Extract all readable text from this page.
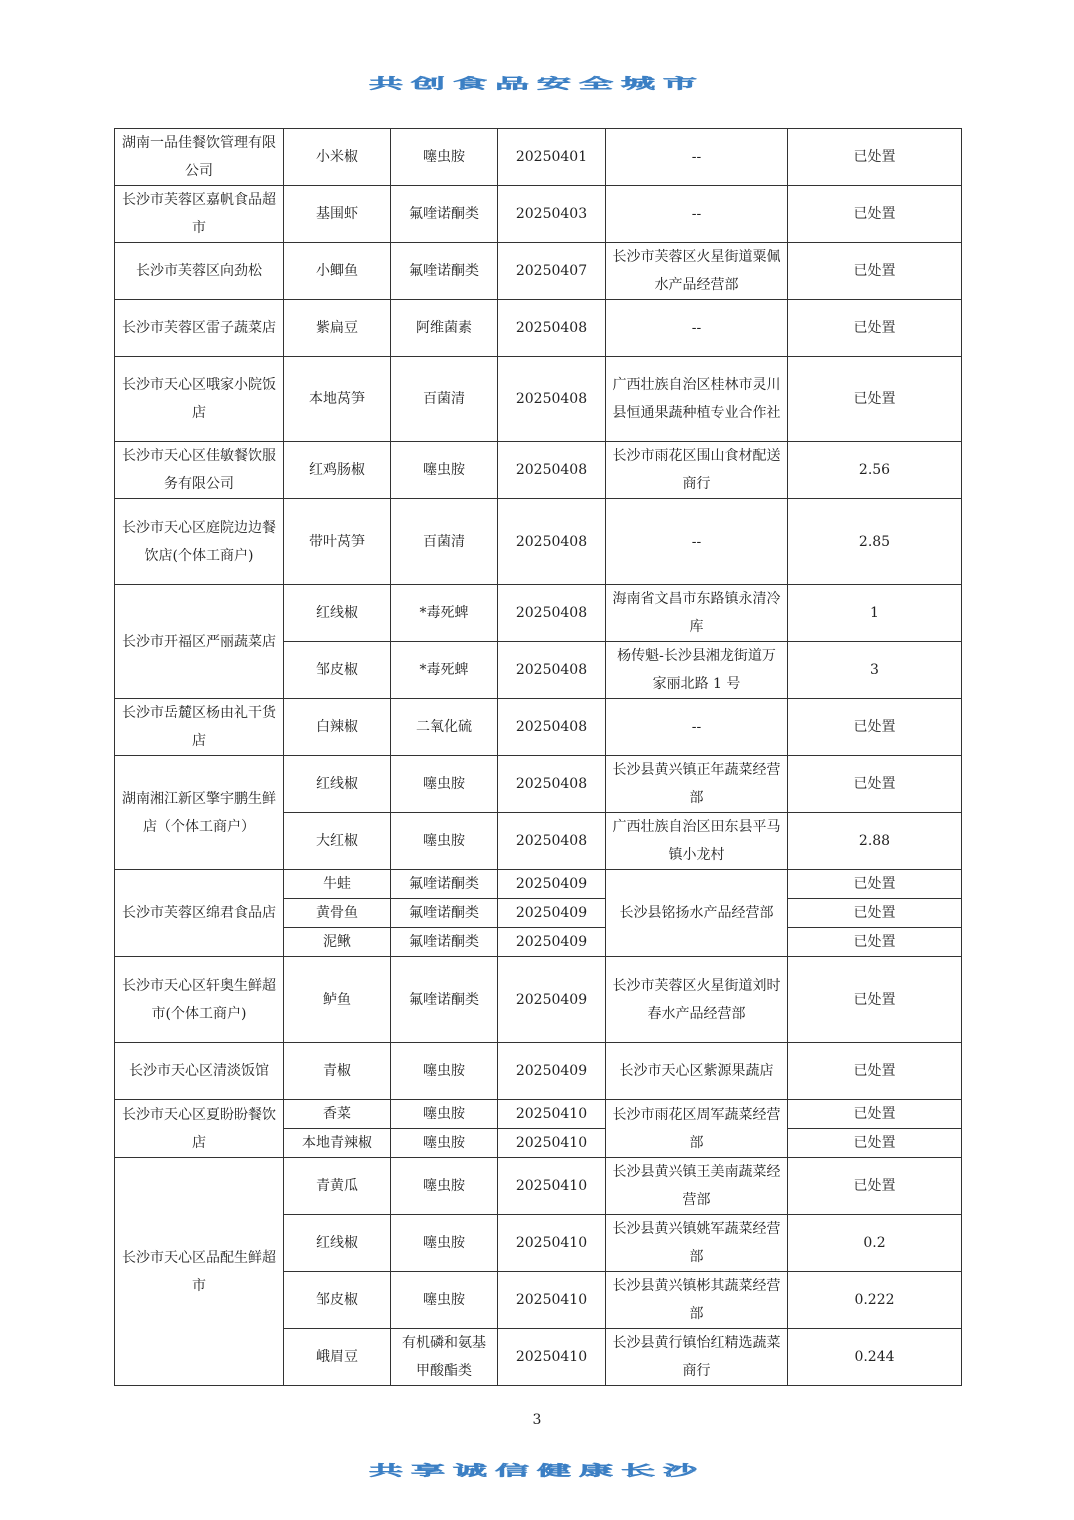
共创食品安全城市
湖南一品佳餐饮管理有限公司	小米椒	噻虫胺	20250401	--	已处置
长沙市芙蓉区嘉帆食品超市	基围虾	氟喹诺酮类	20250403	--	已处置
长沙市芙蓉区向劲松	小鲫鱼	氟喹诺酮类	20250407	长沙市芙蓉区火星街道粟佩水产品经营部	已处置
长沙市芙蓉区雷子蔬菜店	紫扁豆	阿维菌素	20250408	--	已处置
长沙市天心区哦家小院饭店	本地莴笋	百菌清	20250408	广西壮族自治区桂林市灵川县恒通果蔬种植专业合作社	已处置
长沙市天心区佳敏餐饮服务有限公司	红鸡肠椒	噻虫胺	20250408	长沙市雨花区围山食材配送商行	2.56
长沙市天心区庭院边边餐饮店(个体工商户)	带叶莴笋	百菌清	20250408	--	2.85
长沙市开福区严丽蔬菜店	红线椒	*毒死蜱	20250408	海南省文昌市东路镇永清冷库	1
	邹皮椒	*毒死蜱	20250408	杨传魁-长沙县湘龙街道万家丽北路 1 号	3
长沙市岳麓区杨由礼干货店	白辣椒	二氧化硫	20250408	--	已处置
湖南湘江新区擎宇鹏生鲜店（个体工商户）	红线椒	噻虫胺	20250408	长沙县黄兴镇正年蔬菜经营部	已处置
	大红椒	噻虫胺	20250408	广西壮族自治区田东县平马镇小龙村	2.88
长沙市芙蓉区绵君食品店	牛蛙	氟喹诺酮类	20250409	长沙县铭扬水产品经营部	已处置
	黄骨鱼	氟喹诺酮类	20250409		已处置
	泥鳅	氟喹诺酮类	20250409		已处置
长沙市天心区轩奥生鲜超市(个体工商户)	鲈鱼	氟喹诺酮类	20250409	长沙市芙蓉区火星街道刘时春水产品经营部	已处置
长沙市天心区清淡饭馆	青椒	噻虫胺	20250409	长沙市天心区紫源果蔬店	已处置
长沙市天心区夏盼盼餐饮店	香菜	噻虫胺	20250410	长沙市雨花区周军蔬菜经营部	已处置
	本地青辣椒	噻虫胺	20250410		已处置
长沙市天心区品配生鲜超市	青黄瓜	噻虫胺	20250410	长沙县黄兴镇王美南蔬菜经营部	已处置
	红线椒	噻虫胺	20250410	长沙县黄兴镇姚军蔬菜经营部	0.2
	邹皮椒	噻虫胺	20250410	长沙县黄兴镇彬其蔬菜经营部	0.222
	峨眉豆	有机磷和氨基甲酸酯类	20250410	长沙县黄行镇怡红精选蔬菜商行	0.244
3
共享诚信健康长沙
